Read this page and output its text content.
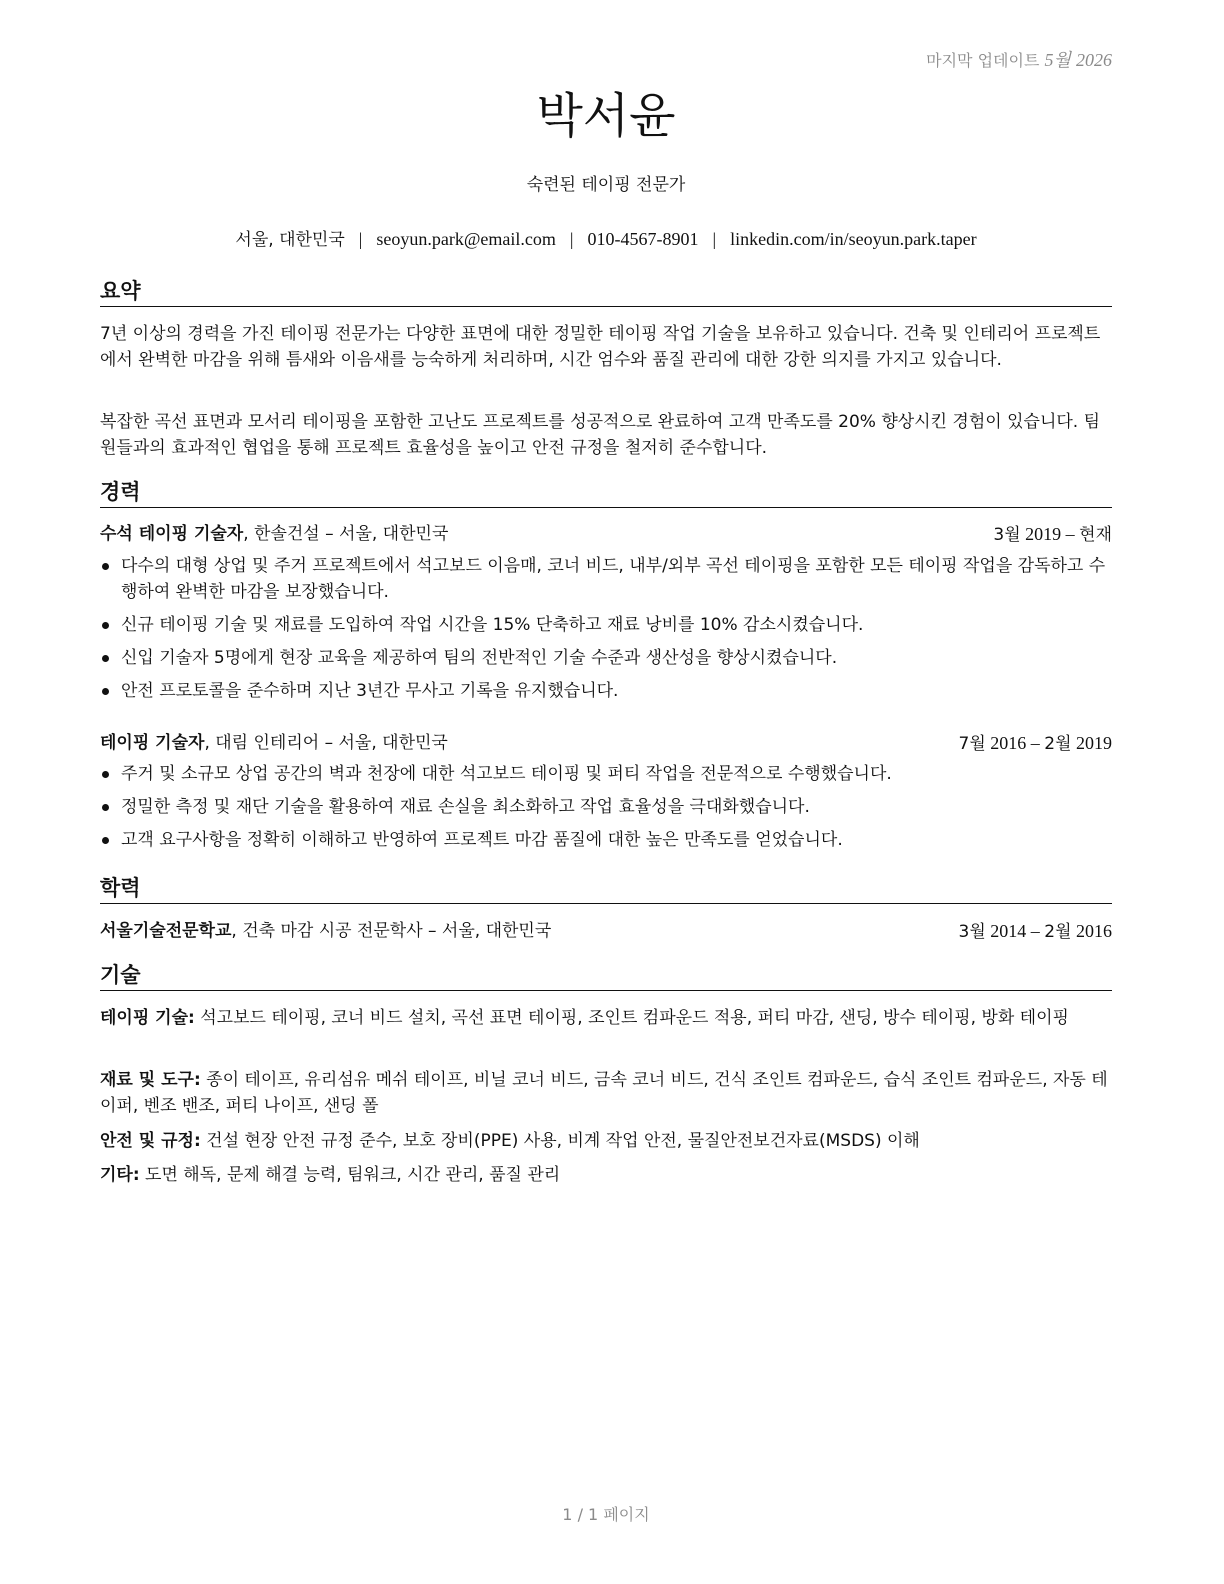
마지막 업데이트 5월 2026
박서윤
숙련된 테이핑 전문가
서울, 대한민국 | seoyun.park@email.com | 010-4567-8901 | linkedin.com/in/seoyun.park.taper
요약

7년 이상의 경력을 가진 테이핑 전문가는 다양한 표면에 대한 정밀한 테이핑 작업 기술을 보유하고 있습니다. 건축 및 인테리어 프로젝트에서 완벽한 마감을 위해 틈새와 이음새를 능숙하게 처리하며, 시간 엄수와 품질 관리에 대한 강한 의지를 가지고 있습니다.

복잡한 곡선 표면과 모서리 테이핑을 포함한 고난도 프로젝트를 성공적으로 완료하여 고객 만족도를 20% 향상시킨 경험이 있습니다. 팀원들과의 효과적인 협업을 통해 프로젝트 효율성을 높이고 안전 규정을 철저히 준수합니다.

경력
수석 테이핑 기술자, 한솔건설 – 서울, 대한민국	3월 2019 – 현재
다수의 대형 상업 및 주거 프로젝트에서 석고보드 이음매, 코너 비드, 내부/외부 곡선 테이핑을 포함한 모든 테이핑 작업을 감독하고 수행하여 완벽한 마감을 보장했습니다.
신규 테이핑 기술 및 재료를 도입하여 작업 시간을 15% 단축하고 재료 낭비를 10% 감소시켰습니다.
신입 기술자 5명에게 현장 교육을 제공하여 팀의 전반적인 기술 수준과 생산성을 향상시켰습니다.
안전 프로토콜을 준수하며 지난 3년간 무사고 기록을 유지했습니다.
테이핑 기술자, 대림 인테리어 – 서울, 대한민국	7월 2016 – 2월 2019
주거 및 소규모 상업 공간의 벽과 천장에 대한 석고보드 테이핑 및 퍼티 작업을 전문적으로 수행했습니다.
정밀한 측정 및 재단 기술을 활용하여 재료 손실을 최소화하고 작업 효율성을 극대화했습니다.
고객 요구사항을 정확히 이해하고 반영하여 프로젝트 마감 품질에 대한 높은 만족도를 얻었습니다.
학력
서울기술전문학교, 건축 마감 시공 전문학사 – 서울, 대한민국	3월 2014 – 2월 2016
기술
테이핑 기술: 석고보드 테이핑, 코너 비드 설치, 곡선 표면 테이핑, 조인트 컴파운드 적용, 퍼티 마감, 샌딩, 방수 테이핑, 방화 테이핑
재료 및 도구: 종이 테이프, 유리섬유 메쉬 테이프, 비닐 코너 비드, 금속 코너 비드, 건식 조인트 컴파운드, 습식 조인트 컴파운드, 자동 테이퍼, 벤조 밴조, 퍼티 나이프, 샌딩 폴
안전 및 규정: 건설 현장 안전 규정 준수, 보호 장비(PPE) 사용, 비계 작업 안전, 물질안전보건자료(MSDS) 이해
기타: 도면 해독, 문제 해결 능력, 팀워크, 시간 관리, 품질 관리
1 / 1 페이지
